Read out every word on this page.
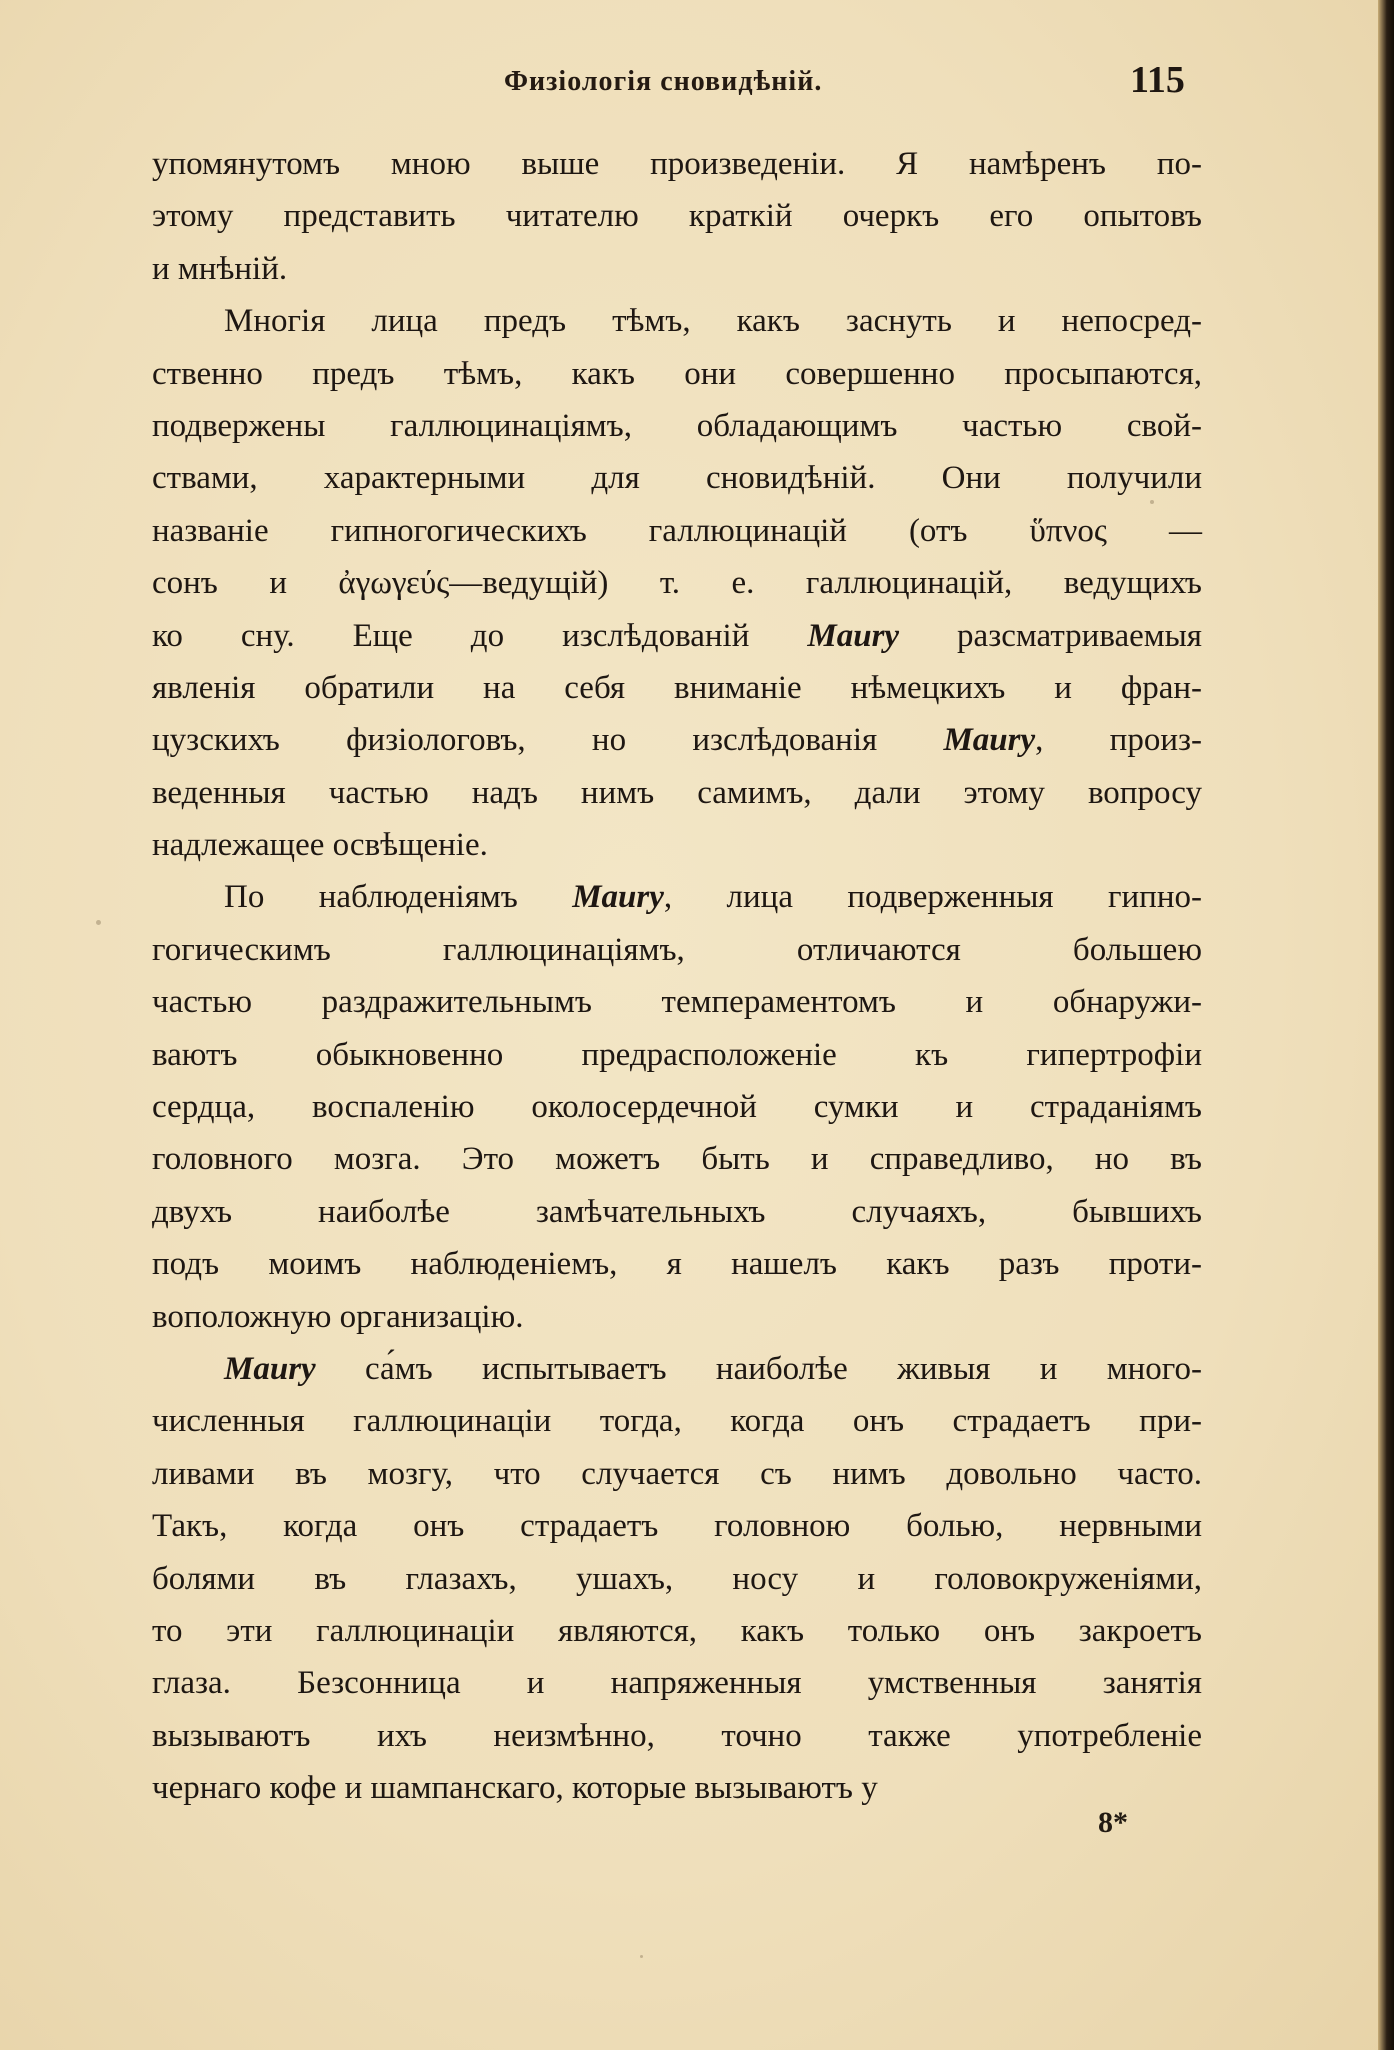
Физiологiя сновидѣнiй.	115
упомянутомъ мною выше произведенiи. Я намѣренъ по-
этому представить читателю краткiй очеркъ его опытовъ
и мнѣнiй.
Многiя лица предъ тѣмъ, какъ заснуть и непосред-
ственно предъ тѣмъ, какъ они совершенно просыпаются,
подвержены галлюцинацiямъ, обладающимъ частью свой-
ствами, характерными для сновидѣнiй. Они получили
названiе гипногогическихъ галлюцинацiй (отъ ὕπνος —
сонъ и ἀγωγεύς—ведущiй) т. е. галлюцинацiй, ведущихъ
ко сну. Еще до изслѣдованiй Maury разсматриваемыя
явленiя обратили на себя вниманiе нѣмецкихъ и фран-
цузскихъ физiологовъ, но изслѣдованiя Maury, произ-
веденныя частью надъ нимъ самимъ, дали этому вопросу
надлежащее освѣщенiе.
По наблюденiямъ Maury, лица подверженныя гипно-
гогическимъ галлюцинацiямъ, отличаются большею
частью раздражительнымъ темпераментомъ и обнаружи-
ваютъ обыкновенно предрасположенiе къ гипертрофiи
сердца, воспаленiю околосердечной сумки и страданiямъ
головного мозга. Это можетъ быть и справедливо, но въ
двухъ наиболѣе замѣчательныхъ случаяхъ, бывшихъ
подъ моимъ наблюденiемъ, я нашелъ какъ разъ проти-
воположную организацiю.
Maury са́мъ испытываетъ наиболѣе живыя и много-
численныя галлюцинацiи тогда, когда онъ страдаетъ при-
ливами въ мозгу, что случается съ нимъ довольно часто.
Такъ, когда онъ страдаетъ головною болью, нервными
болями въ глазахъ, ушахъ, носу и головокруженiями,
то эти галлюцинацiи являются, какъ только онъ закроетъ
глаза. Безсонница и напряженныя умственныя занятiя
вызываютъ ихъ неизмѣнно, точно также употребленiе
чернаго кофе и шампанскаго, которые вызываютъ у
8*
